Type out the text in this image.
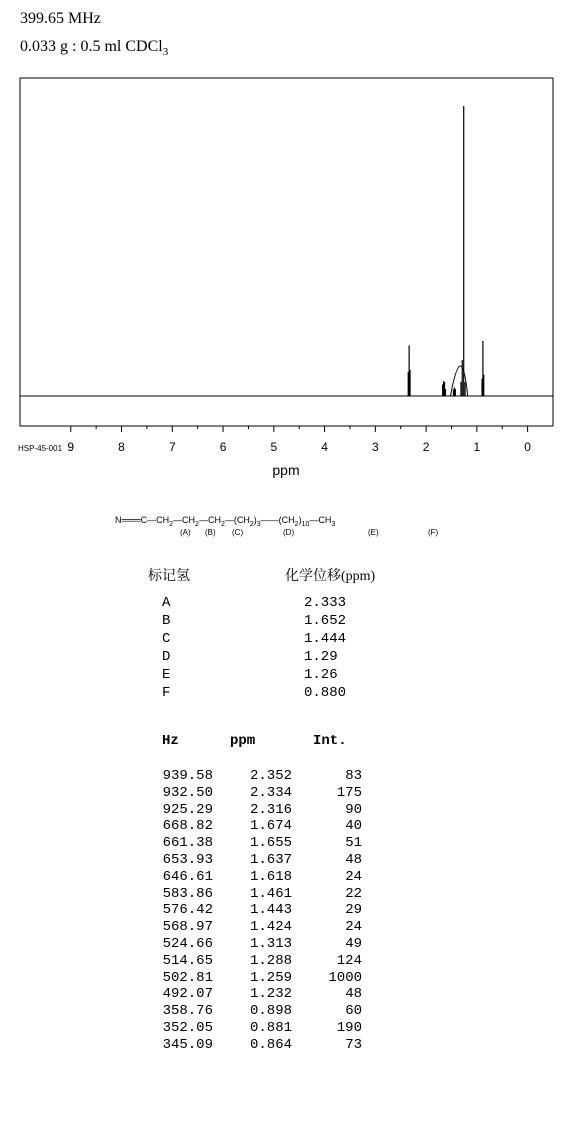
399.65 MHz
0.033 g : 0.5 ml CDCl$_3$
9	8	7	6	5	4	3	2	1	0
ppm
HSP-45-001

$N═══C—CH_2—CH_2—CH_2—(CH_2)_3——(CH_2)_{10}—CH_3$

(A) (B) (C)	(D)	(E)	(F)
标记氢	化学位移(ppm)
A	2.333
B	1.652
C	1.444
D	1.29
E	1.26
F	0.880
Hz	ppm	Int.
939.58	2.352	83
932.50	2.334	175
925.29	2.316	90
668.82	1.674	40
661.38	1.655	51
653.93	1.637	48
646.61	1.618	24
583.86	1.461	22
576.42	1.443	29
568.97	1.424	24
524.66	1.313	49
514.65	1.288	124
502.81	1.259	1000
492.07	1.232	48
358.76	0.898	60
352.05	0.881	190
345.09	0.864	73
